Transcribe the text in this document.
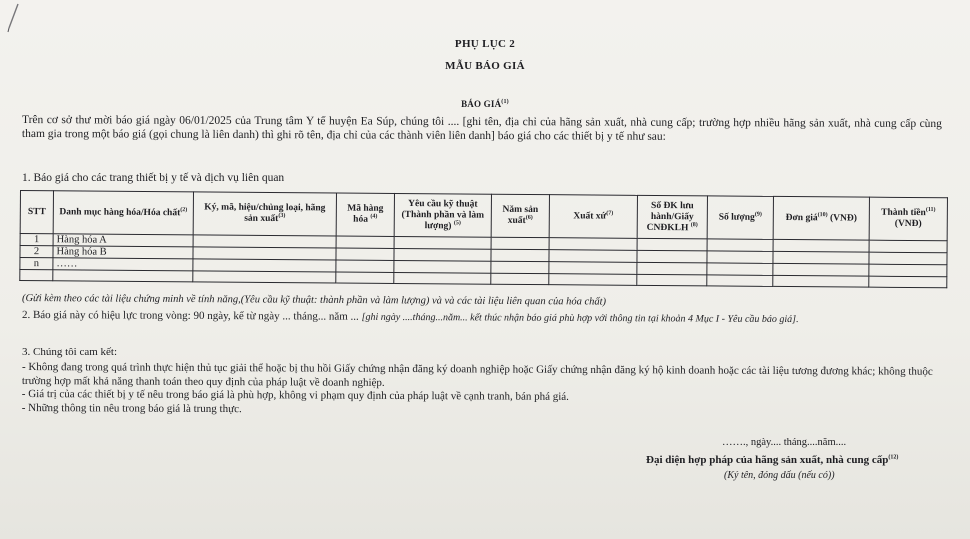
PHỤ LỤC 2
MẪU BÁO GIÁ
BÁO GIÁ$^{(1)}$
Trên cơ sở thư mời báo giá ngày 06/01/2025 của Trung tâm Y tế huyện Ea Súp, chúng tôi .... [ghi tên, địa chỉ của hãng sản xuất, nhà cung cấp; trường hợp nhiều hãng sản xuất, nhà cung cấp cùng tham gia trong một báo giá (gọi chung là liên danh) thì ghi rõ tên, địa chỉ của các thành viên liên danh] báo giá cho các thiết bị y tế như sau:
1. Báo giá cho các trang thiết bị y tế và dịch vụ liên quan
STT	Danh mục hàng hóa/Hóa chất$^{(2)}$	Ký, mã, hiệu/chủng loại, hãng sản xuất$^{(3)}$	Mã hàng hóa $^{(4)}$	Yêu cầu kỹ thuật (Thành phần và làm lượng) $^{(5)}$	Năm sản xuất$^{(6)}$	Xuất xứ$^{(7)}$	Số ĐK lưu hành/Giấy CNĐKLH $^{(8)}$	Số lượng$^{(9)}$	Đơn giá$^{(10)}$ (VNĐ)	Thành tiền$^{(11)}$ (VNĐ)
1	Hàng hóa A									
2	Hàng hóa B									
n	……									

(Gửi kèm theo các tài liệu chứng minh về tính năng,(Yêu cầu kỹ thuật: thành phần và làm lượng) và và các tài liệu liên quan của hóa chất)
2. Báo giá này có hiệu lực trong vòng: 90 ngày, kể từ ngày ... tháng... năm ... [ghi ngày ....tháng...năm... kết thúc nhận báo giá phù hợp với thông tin tại khoản 4 Mục I - Yêu cầu báo giá].
3. Chúng tôi cam kết:

- Không đang trong quá trình thực hiện thủ tục giải thể hoặc bị thu hồi Giấy chứng nhận đăng ký doanh nghiệp hoặc Giấy chứng nhận đăng ký hộ kinh doanh hoặc các tài liệu tương đương khác; không thuộc trường hợp mất khả năng thanh toán theo quy định của pháp luật về doanh nghiệp.

- Giá trị của các thiết bị y tế nêu trong báo giá là phù hợp, không vi phạm quy định của pháp luật về cạnh tranh, bán phá giá.

- Những thông tin nêu trong báo giá là trung thực.

……., ngày.... tháng....năm....
Đại diện hợp pháp của hãng sản xuất, nhà cung cấp$^{(12)}$
(Ký tên, đóng dấu (nếu có))
